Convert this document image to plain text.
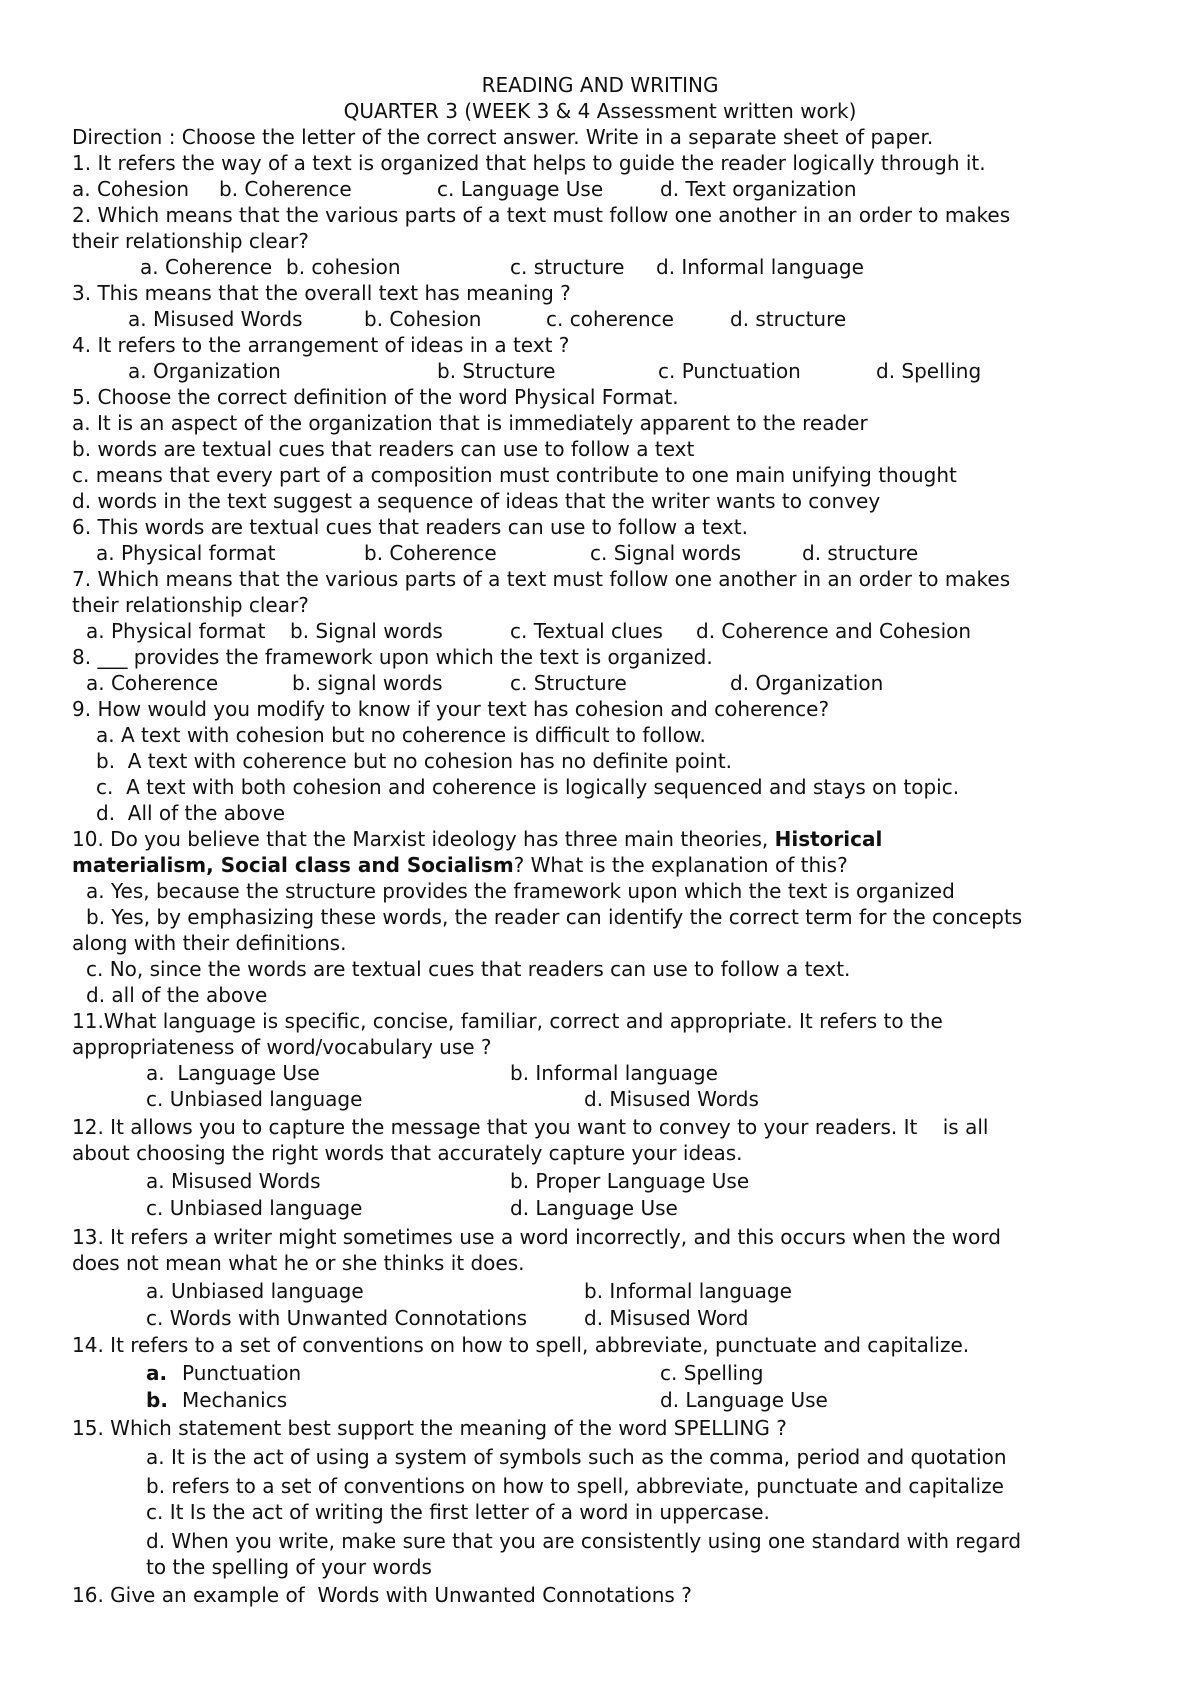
READING AND WRITING
QUARTER 3 (WEEK 3 & 4 Assessment written work)
Direction : Choose the letter of the correct answer. Write in a separate sheet of paper.
1. It refers the way of a text is organized that helps to guide the reader logically through it.
a. Cohesion b. Coherence	c. Language Use	d. Text organization
2. Which means that the various parts of a text must follow one another in an order to makes
their relationship clear?
a. Coherence b. cohesion	c. structure d. Informal language
3. This means that the overall text has meaning ?
a. Misused Words	b. Cohesion	c. coherence	d. structure
4. It refers to the arrangement of ideas in a text ?
a. Organization	b. Structure	c. Punctuation	d. Spelling
5. Choose the correct definition of the word Physical Format.
a. It is an aspect of the organization that is immediately apparent to the reader
b. words are textual cues that readers can use to follow a text
c. means that every part of a composition must contribute to one main unifying thought
d. words in the text suggest a sequence of ideas that the writer wants to convey
6. This words are textual cues that readers can use to follow a text.
a. Physical format	b. Coherence	c. Signal words	d. structure
7. Which means that the various parts of a text must follow one another in an order to makes
their relationship clear?
a. Physical format b. Signal words	c. Textual clues d. Coherence and Cohesion
8. ___ provides the framework upon which the text is organized.
a. Coherence	b. signal words	c. Structure	d. Organization
9. How would you modify to know if your text has cohesion and coherence?
a. A text with cohesion but no coherence is difficult to follow.
b.  A text with coherence but no cohesion has no definite point.
c.  A text with both cohesion and coherence is logically sequenced and stays on topic.
d.  All of the above
10. Do you believe that the Marxist ideology has three main theories, Historical
materialism, Social class and Socialism? What is the explanation of this?
a. Yes, because the structure provides the framework upon which the text is organized
b. Yes, by emphasizing these words, the reader can identify the correct term for the concepts
along with their definitions.
c. No, since the words are textual cues that readers can use to follow a text.
d. all of the above
11.What language is specific, concise, familiar, correct and appropriate. It refers to the
appropriateness of word/vocabulary use ?
a.  Language Use	b. Informal language
c. Unbiased language	d. Misused Words
12. It allows you to capture the message that you want to convey to your readers. It    is all
about choosing the right words that accurately capture your ideas.
a. Misused Words	b. Proper Language Use
c. Unbiased language	d. Language Use
13. It refers a writer might sometimes use a word incorrectly, and this occurs when the word
does not mean what he or she thinks it does.
a. Unbiased language	b. Informal language
c. Words with Unwanted Connotations	d. Misused Word
14. It refers to a set of conventions on how to spell, abbreviate, punctuate and capitalize.
a. Punctuation	c. Spelling
b. Mechanics	d. Language Use
15. Which statement best support the meaning of the word SPELLING ?
a. It is the act of using a system of symbols such as the comma, period and quotation
b. refers to a set of conventions on how to spell, abbreviate, punctuate and capitalize
c. It Is the act of writing the first letter of a word in uppercase.
d. When you write, make sure that you are consistently using one standard with regard
to the spelling of your words
16. Give an example of  Words with Unwanted Connotations ?
